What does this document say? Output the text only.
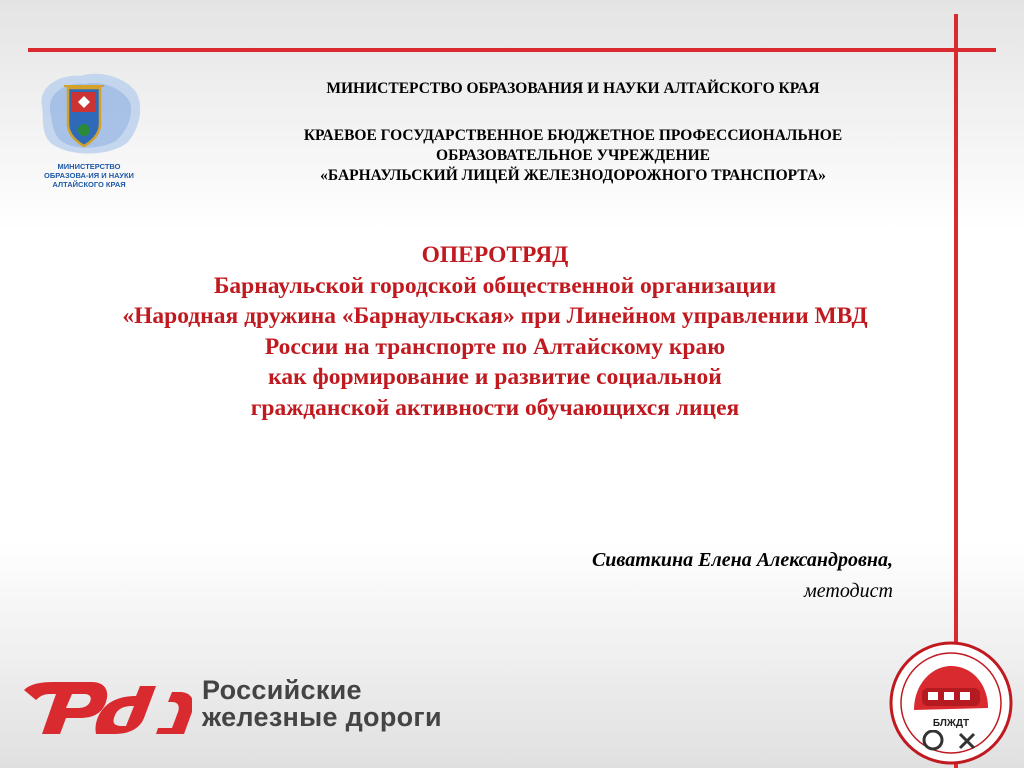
МИНИСТЕРСТВО
ОБРАЗОВА-ИЯ И НАУКИ
АЛТАЙСКОГО КРАЯ
МИНИСТЕРСТВО ОБРАЗОВАНИЯ И НАУКИ АЛТАЙСКОГО КРАЯ
КРАЕВОЕ ГОСУДАРСТВЕННОЕ БЮДЖЕТНОЕ ПРОФЕССИОНАЛЬНОЕ
ОБРАЗОВАТЕЛЬНОЕ УЧРЕЖДЕНИЕ
«БАРНАУЛЬСКИЙ ЛИЦЕЙ ЖЕЛЕЗНОДОРОЖНОГО ТРАНСПОРТА»
ОПЕРОТРЯД
Барнаульской городской общественной организации
«Народная дружина «Барнаульская» при Линейном управлении МВД
России на транспорте по Алтайскому краю
как формирование и развитие социальной
гражданской активности обучающихся лицея
Сиваткина Елена Александровна,
методист
Российские
железные дороги	БЛЖДТ
